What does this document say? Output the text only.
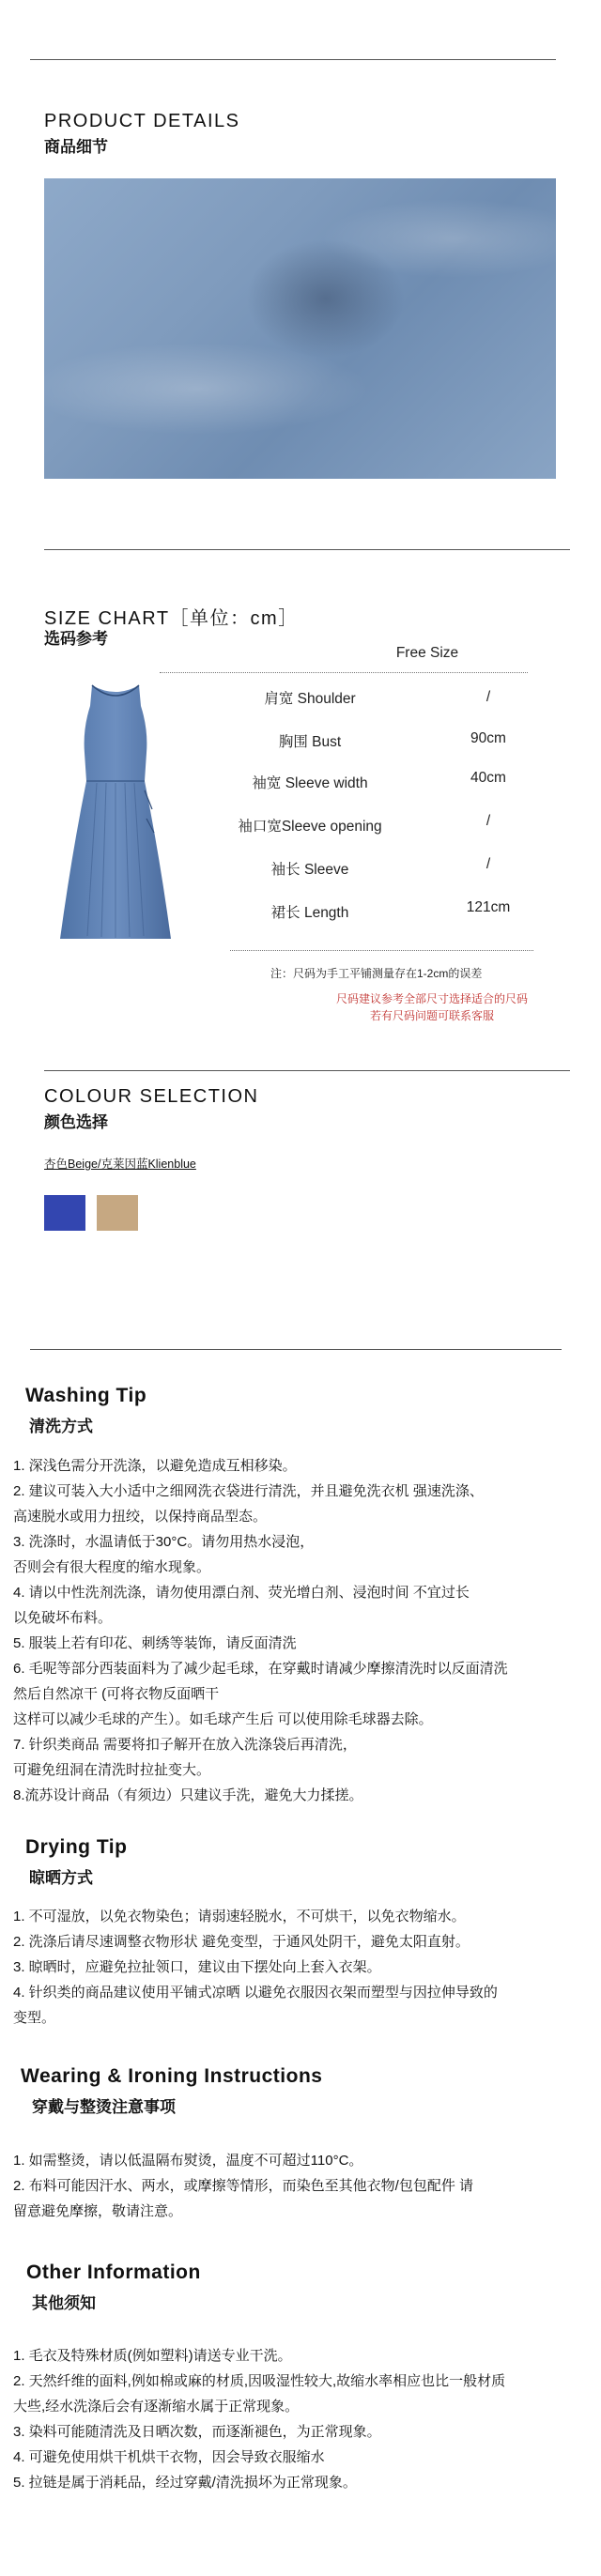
PRODUCT DETAILS
商品细节
SIZE CHART［单位：cm］
选码参考
Free Size
肩宽 Shoulder	/
胸围 Bust	90cm
袖宽 Sleeve width	40cm
袖口宽Sleeve opening	/
袖长 Sleeve	/
裙长 Length	121cm
注：尺码为手工平铺测量存在1-2cm的误差
尺码建议参考全部尺寸选择适合的尺码
若有尺码问题可联系客服
COLOUR SELECTION
颜色选择
杏色Beige/克莱因蓝Klienblue
Washing Tip
清洗方式

1. 深浅色需分开洗涤，以避免造成互相移染。

2. 建议可装入大小适中之细网洗衣袋进行清洗，并且避免洗衣机 强速洗涤、

高速脱水或用力扭绞，以保持商品型态。

3. 洗涤时，水温请低于30°C。请勿用热水浸泡，

否则会有很大程度的缩水现象。

4. 请以中性洗剂洗涤，请勿使用漂白剂、荧光增白剂、浸泡时间 不宜过长

以免破坏布料。

5. 服装上若有印花、刺绣等装饰，请反面清洗

6. 毛呢等部分西装面料为了减少起毛球，在穿戴时请减少摩擦清洗时以反面清洗

然后自然凉干 (可将衣物反面晒干

这样可以减少毛球的产生）。如毛球产生后 可以使用除毛球器去除。

7. 针织类商品 需要将扣子解开在放入洗涤袋后再清洗，

可避免纽洞在清洗时拉扯变大。

8.流苏设计商品（有须边）只建议手洗，避免大力揉搓。

Drying Tip
晾晒方式

1. 不可湿放，以免衣物染色；请弱速轻脱水，不可烘干，以免衣物缩水。

2. 洗涤后请尽速调整衣物形状 避免变型，于通风处阴干，避免太阳直射。

3. 晾晒时，应避免拉扯领口，建议由下摆处向上套入衣架。

4. 针织类的商品建议使用平铺式凉晒 以避免衣服因衣架而塑型与因拉伸导致的

变型。

Wearing & Ironing Instructions
穿戴与整烫注意事项

1. 如需整烫，请以低温隔布熨烫，温度不可超过110°C。

2. 布料可能因汗水、两水，或摩擦等情形，而染色至其他衣物/包包配件 请

留意避免摩擦，敬请注意。

Other Information
其他须知

1. 毛衣及特殊材质(例如塑料)请送专业干洗。

2. 天然纤维的面料,例如棉或麻的材质,因吸湿性较大,故缩水率相应也比一般材质

大些,经水洗涤后会有逐渐缩水属于正常现象。

3. 染料可能随清洗及日晒次数，而逐渐褪色，为正常现象。

4. 可避免使用烘干机烘干衣物，因会导致衣服缩水

5. 拉链是属于消耗品，经过穿戴/清洗损坏为正常现象。
